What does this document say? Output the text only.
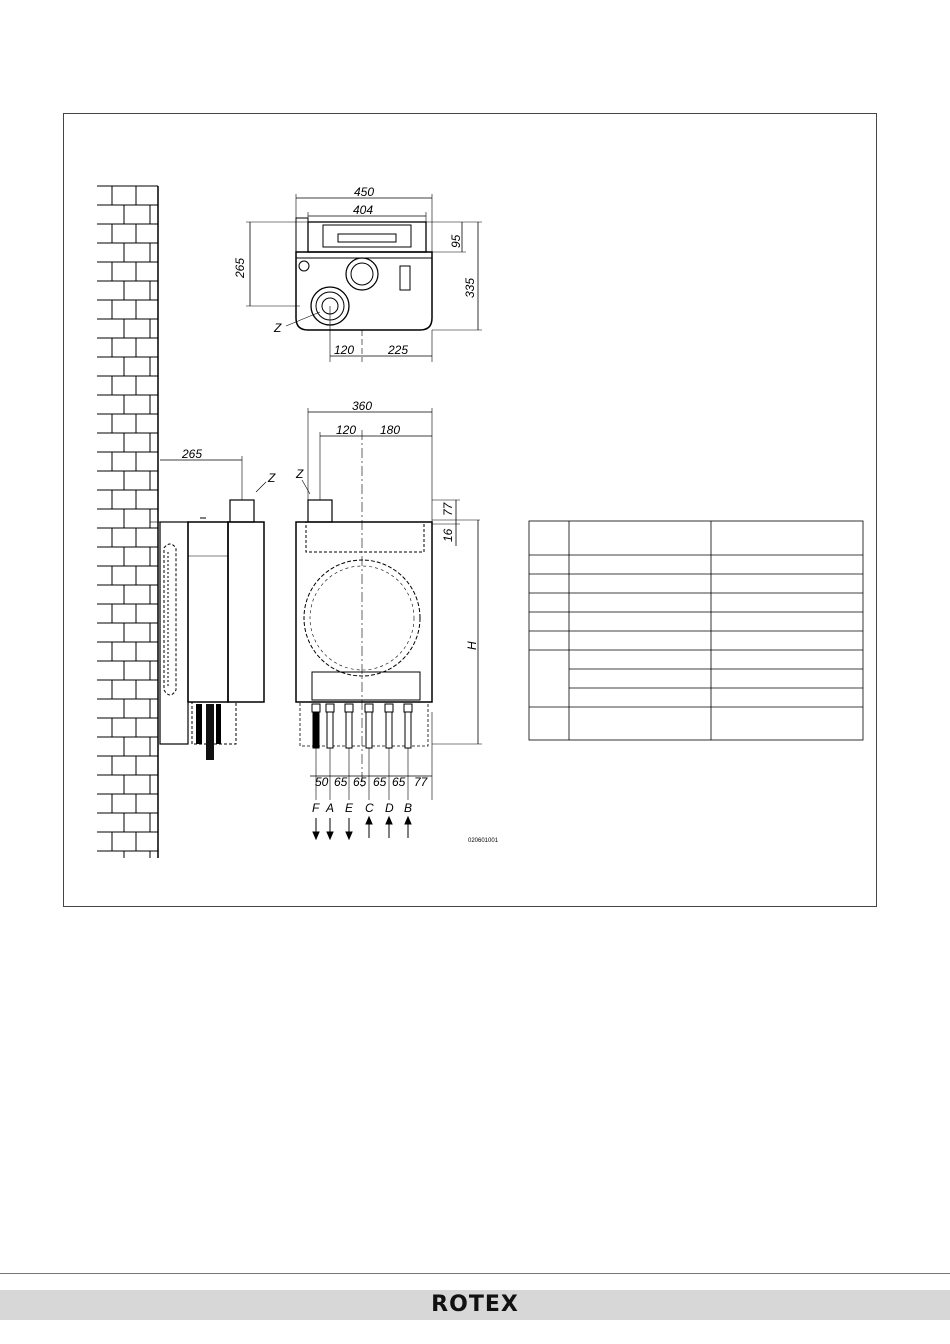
450
404
265
95
335
120	225
Z
265
Z
360
120 180
Z
77
16
H
50 65 65 65 65 77
F A E C D B
020601001
ROTEX
